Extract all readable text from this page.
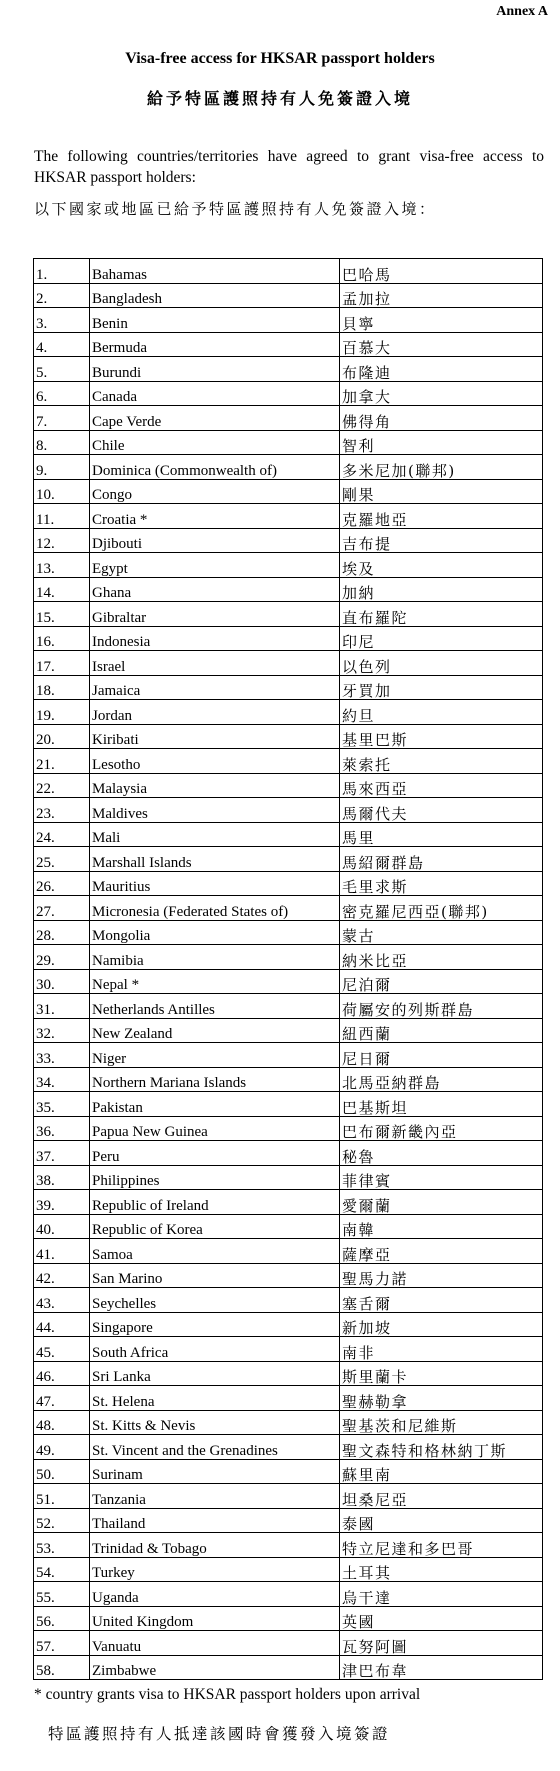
Annex A
Visa-free access for HKSAR passport holders
給予特區護照持有人免簽證入境
The following countries/territories have agreed to grant visa-free access to HKSAR passport holders:
以下國家或地區已給予特區護照持有人免簽證入境：
1.	Bahamas	巴哈馬
2.	Bangladesh	孟加拉
3.	Benin	貝寧
4.	Bermuda	百慕大
5.	Burundi	布隆迪
6.	Canada	加拿大
7.	Cape Verde	佛得角
8.	Chile	智利
9.	Dominica (Commonwealth of)	多米尼加(聯邦)
10.	Congo	剛果
11.	Croatia *	克羅地亞
12.	Djibouti	吉布提
13.	Egypt	埃及
14.	Ghana	加納
15.	Gibraltar	直布羅陀
16.	Indonesia	印尼
17.	Israel	以色列
18.	Jamaica	牙買加
19.	Jordan	約旦
20.	Kiribati	基里巴斯
21.	Lesotho	萊索托
22.	Malaysia	馬來西亞
23.	Maldives	馬爾代夫
24.	Mali	馬里
25.	Marshall Islands	馬紹爾群島
26.	Mauritius	毛里求斯
27.	Micronesia (Federated States of)	密克羅尼西亞(聯邦)
28.	Mongolia	蒙古
29.	Namibia	納米比亞
30.	Nepal *	尼泊爾
31.	Netherlands Antilles	荷屬安的列斯群島
32.	New Zealand	紐西蘭
33.	Niger	尼日爾
34.	Northern Mariana Islands	北馬亞納群島
35.	Pakistan	巴基斯坦
36.	Papua New Guinea	巴布爾新畿內亞
37.	Peru	秘魯
38.	Philippines	菲律賓
39.	Republic of Ireland	愛爾蘭
40.	Republic of Korea	南韓
41.	Samoa	薩摩亞
42.	San Marino	聖馬力諾
43.	Seychelles	塞舌爾
44.	Singapore	新加坡
45.	South Africa	南非
46.	Sri Lanka	斯里蘭卡
47.	St. Helena	聖赫勒拿
48.	St. Kitts & Nevis	聖基茨和尼維斯
49.	St. Vincent and the Grenadines	聖文森特和格林納丁斯
50.	Surinam	蘇里南
51.	Tanzania	坦桑尼亞
52.	Thailand	泰國
53.	Trinidad & Tobago	特立尼達和多巴哥
54.	Turkey	土耳其
55.	Uganda	烏干達
56.	United Kingdom	英國
57.	Vanuatu	瓦努阿圖
58.	Zimbabwe	津巴布韋
* country grants visa to HKSAR passport holders upon arrival
特區護照持有人抵達該國時會獲發入境簽證
